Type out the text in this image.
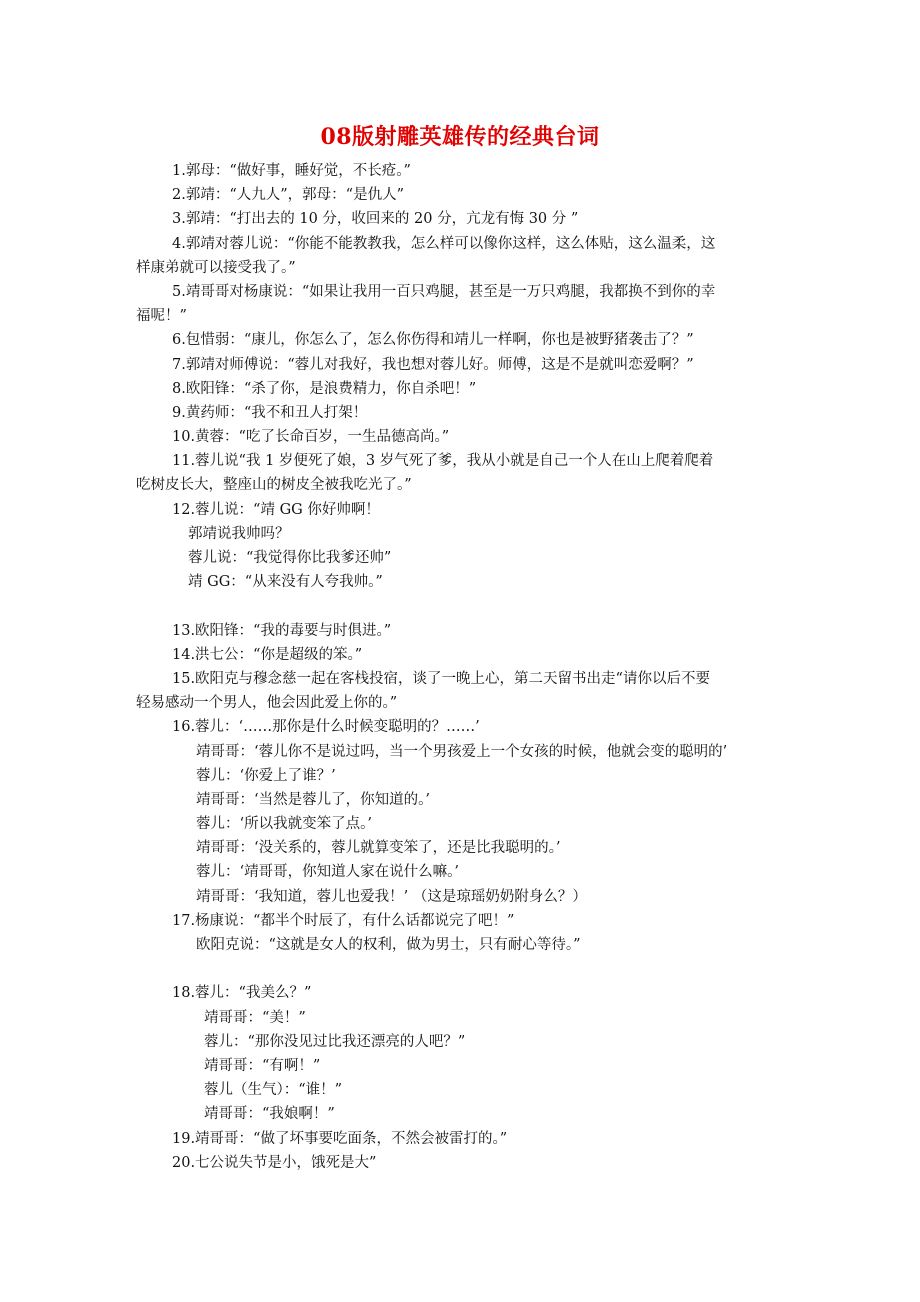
08版射雕英雄传的经典台词
1.郭母：“做好事，睡好觉，不长疮。”
2.郭靖：“人九人”，郭母：“是仇人”
3.郭靖：“打出去的 10 分，收回来的 20 分，亢龙有悔 30 分 ”
4.郭靖对蓉儿说：“你能不能教教我，怎么样可以像你这样，这么体贴，这么温柔，这
样康弟就可以接受我了。”
5.靖哥哥对杨康说：“如果让我用一百只鸡腿，甚至是一万只鸡腿，我都换不到你的幸
福呢！”
6.包惜弱：“康儿，你怎么了，怎么你伤得和靖儿一样啊，你也是被野猪袭击了？”
7.郭靖对师傅说：“蓉儿对我好，我也想对蓉儿好。师傅，这是不是就叫恋爱啊？”
8.欧阳锋：“杀了你，是浪费精力，你自杀吧！”
9.黄药师：“我不和丑人打架！
10.黄蓉：“吃了长命百岁，一生品德高尚。”
11.蓉儿说“我 1 岁便死了娘，3 岁气死了爹，我从小就是自己一个人在山上爬着爬着
吃树皮长大，整座山的树皮全被我吃光了。”
12.蓉儿说：“靖 GG 你好帅啊！
郭靖说我帅吗？
蓉儿说：“我觉得你比我爹还帅”
靖 GG：“从来没有人夸我帅。”
13.欧阳锋：“我的毒要与时俱进。”
14.洪七公：“你是超级的笨。”
15.欧阳克与穆念慈一起在客栈投宿，谈了一晚上心，第二天留书出走“请你以后不要
轻易感动一个男人，他会因此爱上你的。”
16.蓉儿：‘……那你是什么时候变聪明的？……’
靖哥哥：‘蓉儿你不是说过吗，当一个男孩爱上一个女孩的时候，他就会变的聪明的’
蓉儿：‘你爱上了谁？’
靖哥哥：‘当然是蓉儿了，你知道的。’
蓉儿：‘所以我就变笨了点。’
靖哥哥：‘没关系的，蓉儿就算变笨了，还是比我聪明的。’
蓉儿：‘靖哥哥，你知道人家在说什么嘛。’
靖哥哥：‘我知道，蓉儿也爱我！’ （这是琼瑶奶奶附身么？）
17.杨康说：“都半个时辰了，有什么话都说完了吧！”
欧阳克说：“这就是女人的权利，做为男士，只有耐心等待。”
18.蓉儿：“我美么？”
靖哥哥：“美！”
蓉儿：“那你没见过比我还漂亮的人吧？”
靖哥哥：“有啊！”
蓉儿（生气）：“谁！”
靖哥哥：“我娘啊！”
19.靖哥哥：“做了坏事要吃面条，不然会被雷打的。”
20.七公说失节是小，饿死是大”
